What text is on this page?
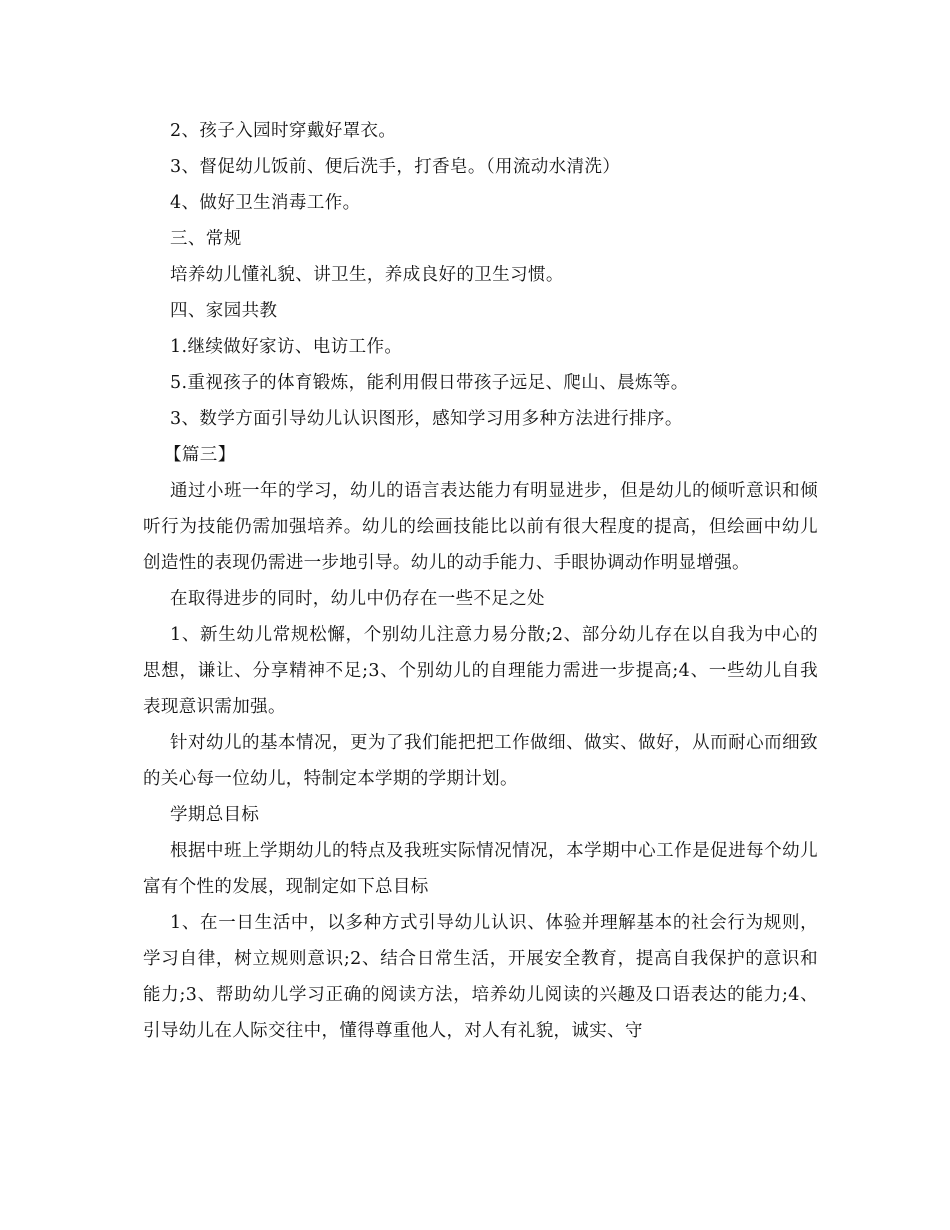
2、孩子入园时穿戴好罩衣。

3、督促幼儿饭前、便后洗手，打香皂。（用流动水清洗）

4、做好卫生消毒工作。

三、常规

培养幼儿懂礼貌、讲卫生，养成良好的卫生习惯。

四、家园共教

1.继续做好家访、电访工作。

5.重视孩子的体育锻炼，能利用假日带孩子远足、爬山、晨炼等。

3、数学方面引导幼儿认识图形，感知学习用多种方法进行排序。

【篇三】

通过小班一年的学习，幼儿的语言表达能力有明显进步，但是幼儿的倾听意识和倾听行为技能仍需加强培养。幼儿的绘画技能比以前有很大程度的提高，但绘画中幼儿创造性的表现仍需进一步地引导。幼儿的动手能力、手眼协调动作明显增强。

在取得进步的同时，幼儿中仍存在一些不足之处

1、新生幼儿常规松懈，个别幼儿注意力易分散;2、部分幼儿存在以自我为中心的思想，谦让、分享精神不足;3、个别幼儿的自理能力需进一步提高;4、一些幼儿自我表现意识需加强。

针对幼儿的基本情况，更为了我们能把把工作做细、做实、做好，从而耐心而细致的关心每一位幼儿，特制定本学期的学期计划。

学期总目标

根据中班上学期幼儿的特点及我班实际情况情况，本学期中心工作是促进每个幼儿富有个性的发展，现制定如下总目标

1、在一日生活中，以多种方式引导幼儿认识、体验并理解基本的社会行为规则，学习自律，树立规则意识;2、结合日常生活，开展安全教育，提高自我保护的意识和能力;3、帮助幼儿学习正确的阅读方法，培养幼儿阅读的兴趣及口语表达的能力;4、引导幼儿在人际交往中，懂得尊重他人，对人有礼貌，诚实、守
